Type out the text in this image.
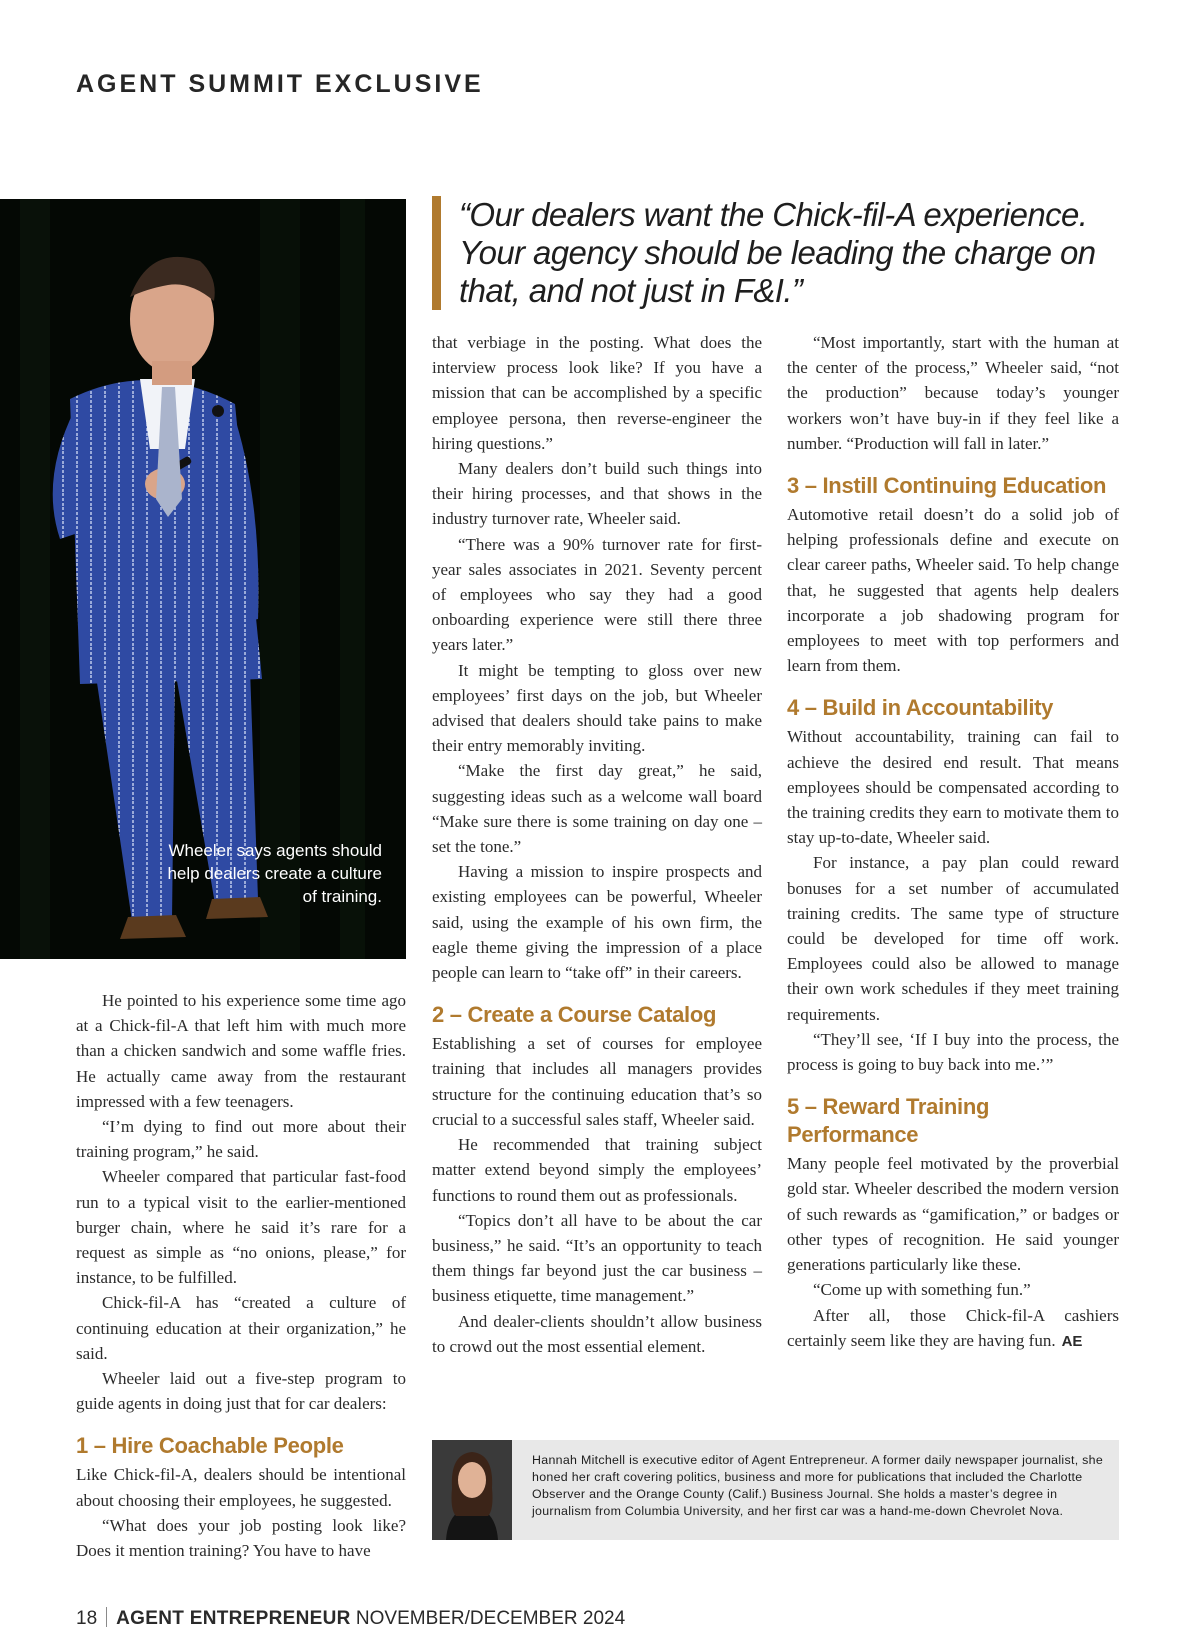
AGENT SUMMIT EXCLUSIVE
Wheeler says agents should help dealers create a culture of training.
“Our dealers want the Chick-fil-A experience. Your agency should be leading the charge on that, and not just in F&I.”

He pointed to his experience some time ago at a Chick-fil-A that left him with much more than a chicken sandwich and some waffle fries. He actually came away from the restaurant impressed with a few teenagers.

“I’m dying to find out more about their training program,” he said.

Wheeler compared that particular fast-food run to a typical visit to the earlier-mentioned burger chain, where he said it’s rare for a request as simple as “no onions, please,” for instance, to be fulfilled.

Chick-fil-A has “created a culture of continuing education at their organization,” he said.

Wheeler laid out a five-step program to guide agents in doing just that for car dealers:

1 – Hire Coachable People

Like Chick-fil-A, dealers should be intentional about choosing their employees, he suggested.

“What does your job posting look like? Does it mention training? You have to have

that verbiage in the posting. What does the interview process look like? If you have a mission that can be accomplished by a specific employee persona, then reverse-engineer the hiring questions.”

Many dealers don’t build such things into their hiring processes, and that shows in the industry turnover rate, Wheeler said.

“There was a 90% turnover rate for first-year sales associates in 2021. Seventy percent of employees who say they had a good onboarding experience were still there three years later.”

It might be tempting to gloss over new employees’ first days on the job, but Wheeler advised that dealers should take pains to make their entry memorably inviting.

“Make the first day great,” he said, suggesting ideas such as a welcome wall board “Make sure there is some training on day one – set the tone.”

Having a mission to inspire prospects and existing employees can be powerful, Wheeler said, using the example of his own firm, the eagle theme giving the impression of a place people can learn to “take off” in their careers.

2 – Create a Course Catalog

Establishing a set of courses for employee training that includes all managers provides structure for the continuing education that’s so crucial to a successful sales staff, Wheeler said.

He recommended that training subject matter extend beyond simply the employees’ functions to round them out as professionals.

“Topics don’t all have to be about the car business,” he said. “It’s an opportunity to teach them things far beyond just the car business – business etiquette, time management.”

And dealer-clients shouldn’t allow business to crowd out the most essential element.

“Most importantly, start with the human at the center of the process,” Wheeler said, “not the production” because today’s younger workers won’t have buy-in if they feel like a number. “Production will fall in later.”

3 – Instill Continuing Education

Automotive retail doesn’t do a solid job of helping professionals define and execute on clear career paths, Wheeler said. To help change that, he suggested that agents help dealers incorporate a job shadowing program for employees to meet with top performers and learn from them.

4 – Build in Accountability

Without accountability, training can fail to achieve the desired end result. That means employees should be compensated according to the training credits they earn to motivate them to stay up-to-date, Wheeler said.

For instance, a pay plan could reward bonuses for a set number of accumulated training credits. The same type of structure could be developed for time off work. Employees could also be allowed to manage their own work schedules if they meet training requirements.

“They’ll see, ‘If I buy into the process, the process is going to buy back into me.’”

5 – Reward Training Performance

Many people feel motivated by the proverbial gold star. Wheeler described the modern version of such rewards as “gamification,” or badges or other types of recognition. He said younger generations particularly like these.

“Come up with something fun.”

After all, those Chick-fil-A cashiers certainly seem like they are having fun. AE

Hannah Mitchell is executive editor of Agent Entrepreneur. A former daily newspaper journalist, she honed her craft covering politics, business and more for publications that included the Charlotte Observer and the Orange County (Calif.) Business Journal. She holds a master’s degree in journalism from Columbia University, and her first car was a hand-me-down Chevrolet Nova.
18 AGENT ENTREPRENEUR NOVEMBER/DECEMBER 2024
